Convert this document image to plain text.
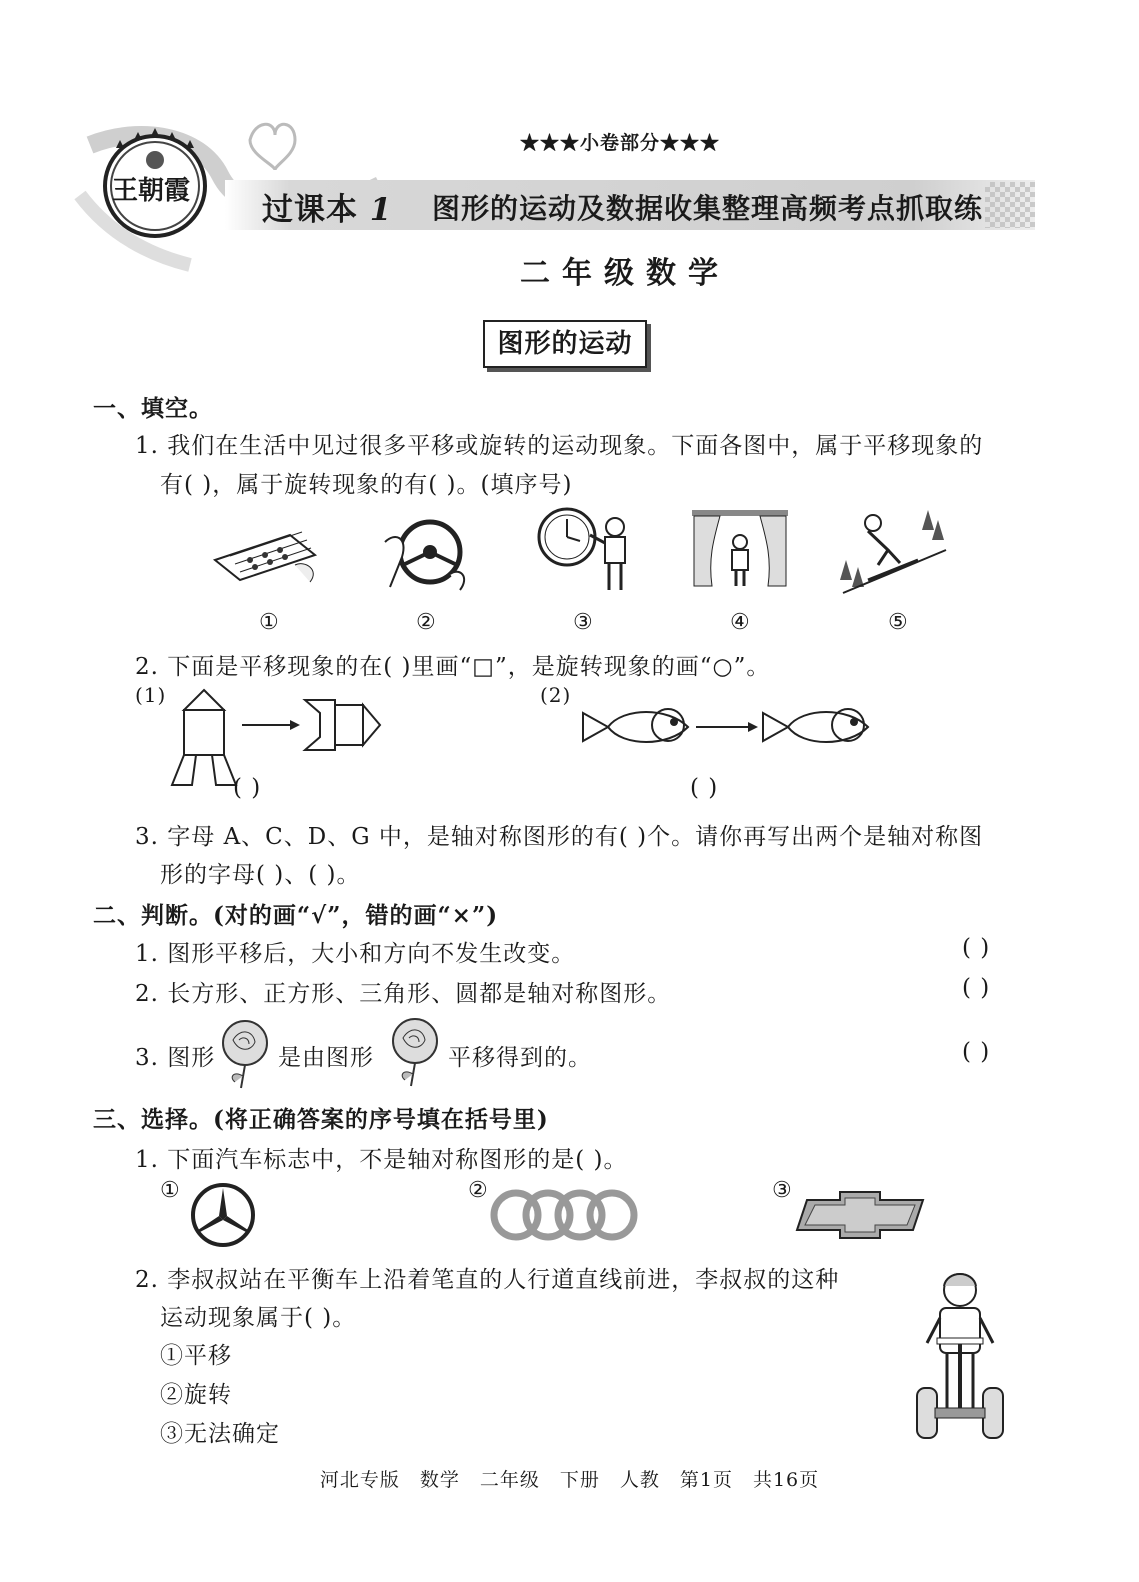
王朝霞
★★★小卷部分★★★
过课本 1 图形的运动及数据收集整理高频考点抓取练
二年级数学
图形的运动
一、填空。
1. 我们在生活中见过很多平移或旋转的运动现象。下面各图中，属于平移现象的
有( )，属于旋转现象的有( )。(填序号)
①	②	③	④	⑤
2. 下面是平移现象的在( )里画“□”，是旋转现象的画“○”。
(1)	(2)
( )	( )
3. 字母 A、C、D、G 中，是轴对称图形的有( )个。请你再写出两个是轴对称图
形的字母( )、( )。
二、判断。(对的画“√”，错的画“×”)
1. 图形平移后，大小和方向不发生改变。	( )
2. 长方形、正方形、三角形、圆都是轴对称图形。	( )
3. 图形	是由图形	平移得到的。	( )
三、选择。(将正确答案的序号填在括号里)
1. 下面汽车标志中，不是轴对称图形的是( )。
①	②	③
2. 李叔叔站在平衡车上沿着笔直的人行道直线前进，李叔叔的这种
运动现象属于( )。
①平移
②旋转
③无法确定
河北专版　数学　二年级　下册　人教　第1页　共16页
